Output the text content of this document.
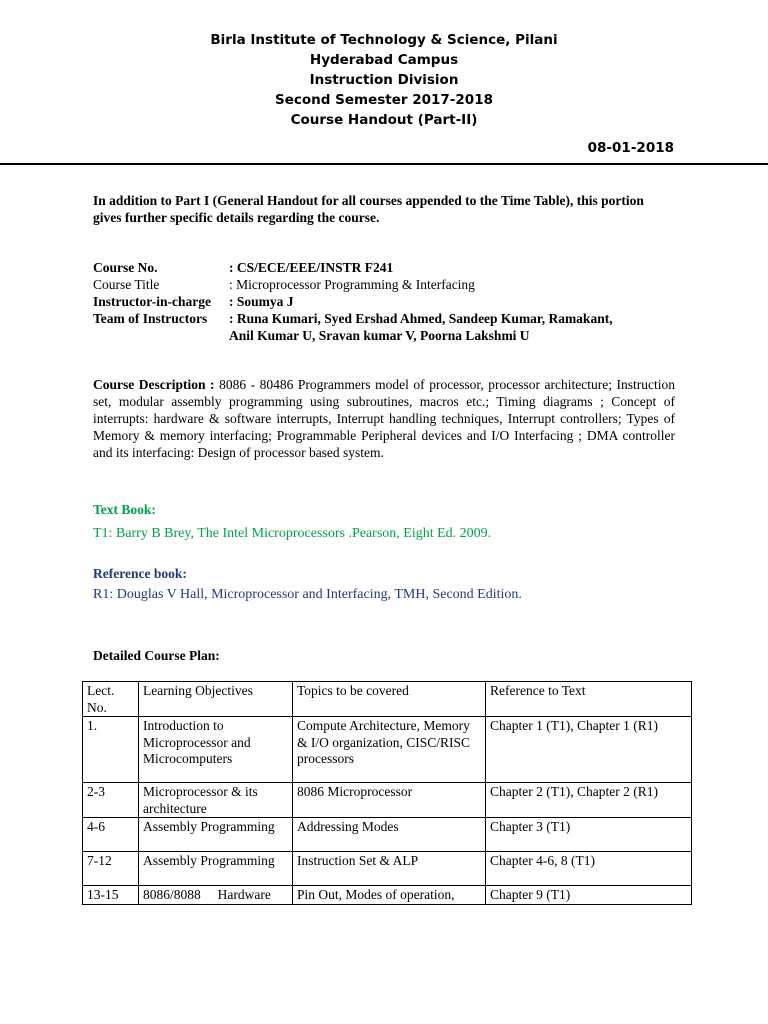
Birla Institute of Technology & Science, Pilani
Hyderabad Campus
Instruction Division
Second Semester 2017-2018
Course Handout (Part-II)
08-01-2018
In addition to Part I (General Handout for all courses appended to the Time Table), this portion gives further specific details regarding the course.
Course No.	: CS/ECE/EEE/INSTR F241
Course Title	: Microprocessor Programming & Interfacing
Instructor-in-charge	: Soumya J
Team of Instructors	: Runa Kumari, Syed Ershad Ahmed, Sandeep Kumar, Ramakant,
Anil Kumar U, Sravan kumar V, Poorna Lakshmi U
Course Description : 8086 - 80486 Programmers model of processor, processor architecture; Instruction set, modular assembly programming using subroutines, macros etc.; Timing diagrams ; Concept of interrupts: hardware & software interrupts, Interrupt handling techniques, Interrupt controllers; Types of Memory & memory interfacing; Programmable Peripheral devices and I/O Interfacing ; DMA controller and its interfacing: Design of processor based system.
Text Book:
T1: Barry B Brey, The Intel Microprocessors .Pearson, Eight Ed. 2009.
Reference book:
R1: Douglas V Hall, Microprocessor and Interfacing, TMH, Second Edition.
Detailed Course Plan:
Lect. No.	Learning Objectives	Topics to be covered	Reference to Text
1.	Introduction to Microprocessor and Microcomputers	Compute Architecture, Memory & I/O organization, CISC/RISC processors	Chapter 1 (T1), Chapter 1 (R1)
2-3	Microprocessor & its architecture	8086 Microprocessor	Chapter 2 (T1), Chapter 2 (R1)
4-6	Assembly Programming	Addressing Modes	Chapter 3 (T1)
7-12	Assembly Programming	Instruction Set & ALP	Chapter 4-6, 8 (T1)
13-15	8086/8088     Hardware	Pin Out, Modes of operation,	Chapter 9 (T1)
